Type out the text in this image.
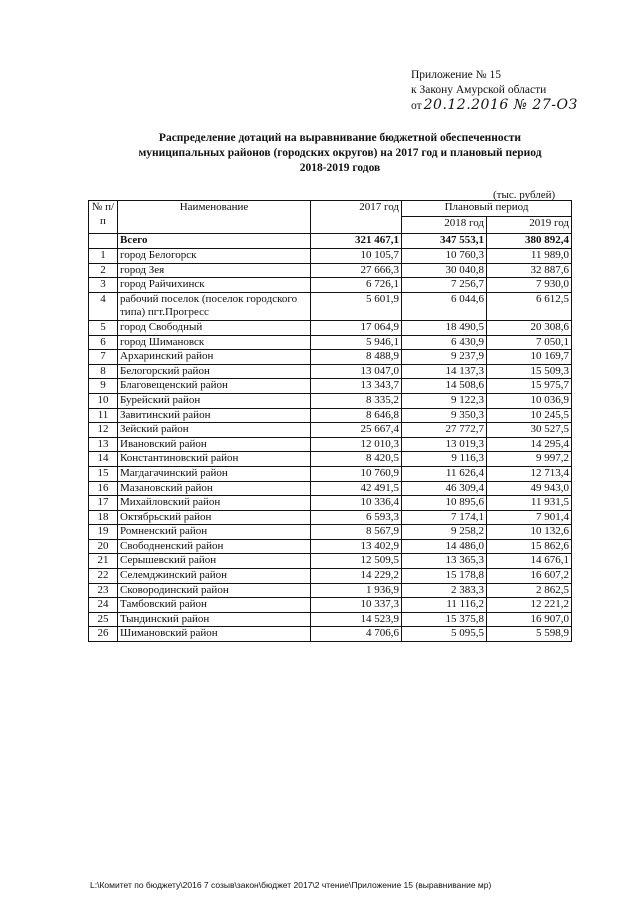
Приложение № 15
к Закону Амурской области
от 20.12.2016 № 27-ОЗ
Распределение дотаций на выравнивание бюджетной обеспеченности
муниципальных районов (городских округов) на 2017 год и плановый период
2018-2019 годов
(тыс. рублей)
№ п/п	Наименование	2017 год	Плановый период	
			2018 год	2019 год
	Всего	321 467,1	347 553,1	380 892,4
1	город Белогорск	10 105,7	10 760,3	11 989,0
2	город Зея	27 666,3	30 040,8	32 887,6
3	город Райчихинск	6 726,1	7 256,7	7 930,0
4	рабочий поселок (поселок городского типа) пгт.Прогресс	5 601,9	6 044,6	6 612,5
5	город Свободный	17 064,9	18 490,5	20 308,6
6	город Шимановск	5 946,1	6 430,9	7 050,1
7	Архаринский район	8 488,9	9 237,9	10 169,7
8	Белогорский район	13 047,0	14 137,3	15 509,3
9	Благовещенский район	13 343,7	14 508,6	15 975,7
10	Бурейский район	8 335,2	9 122,3	10 036,9
11	Завитинский район	8 646,8	9 350,3	10 245,5
12	Зейский район	25 667,4	27 772,7	30 527,5
13	Ивановский район	12 010,3	13 019,3	14 295,4
14	Константиновский район	8 420,5	9 116,3	9 997,2
15	Магдагачинский район	10 760,9	11 626,4	12 713,4
16	Мазановский район	42 491,5	46 309,4	49 943,0
17	Михайловский район	10 336,4	10 895,6	11 931,5
18	Октябрьский район	6 593,3	7 174,1	7 901,4
19	Ромненский район	8 567,9	9 258,2	10 132,6
20	Свободненский район	13 402,9	14 486,0	15 862,6
21	Серышевский район	12 509,5	13 365,3	14 676,1
22	Селемджинский район	14 229,2	15 178,8	16 607,2
23	Сковородинский район	1 936,9	2 383,3	2 862,5
24	Тамбовский район	10 337,3	11 116,2	12 221,2
25	Тындинский район	14 523,9	15 375,8	16 907,0
26	Шимановский район	4 706,6	5 095,5	5 598,9
L:\Комитет по бюджету\2016 7 созыв\закон\бюджет 2017\2 чтение\Приложение 15 (выравнивание мр)
